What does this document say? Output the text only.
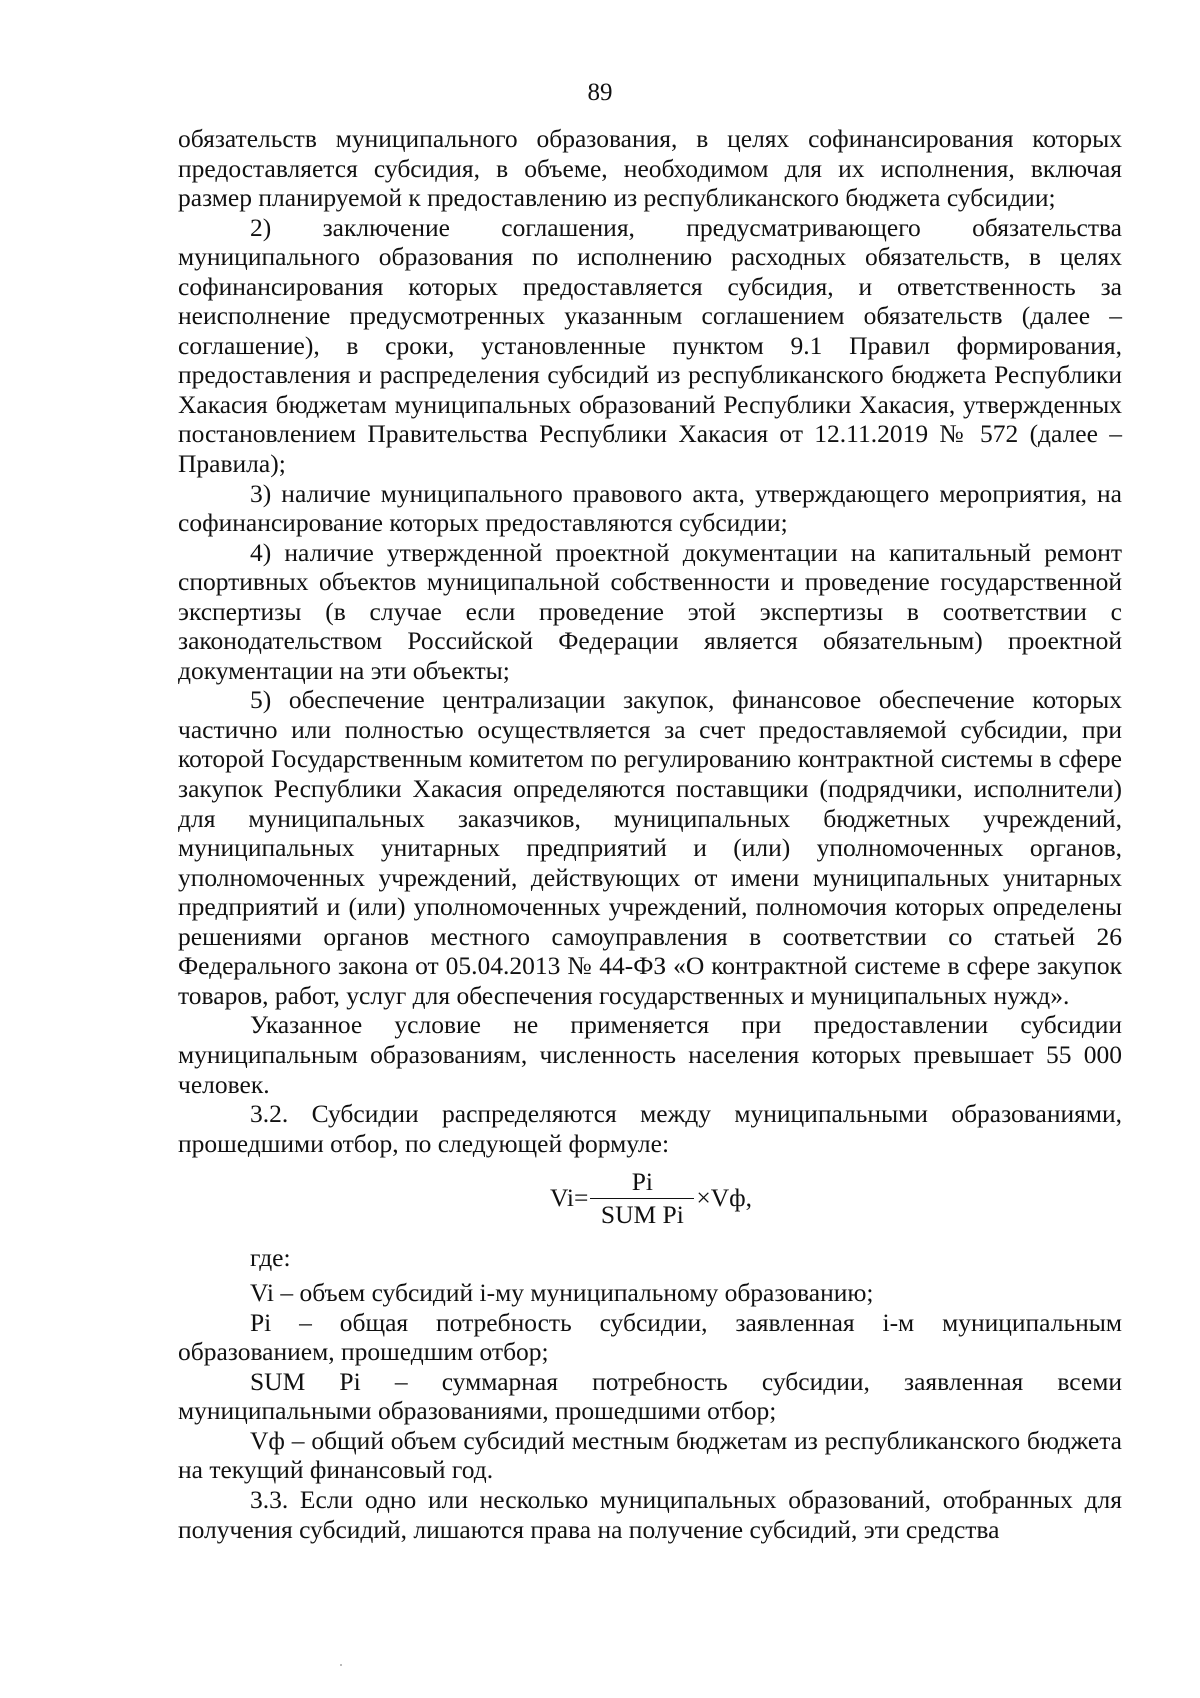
89

обязательств муниципального образования, в целях софинансирования которых предоставляется субсидия, в объеме, необходимом для их исполнения, включая размер планируемой к предоставлению из республиканского бюджета субсидии;

2) заключение соглашения, предусматривающего обязательства муниципального образования по исполнению расходных обязательств, в целях софинансирования которых предоставляется субсидия, и ответственность за неисполнение предусмотренных указанным соглашением обязательств (далее – соглашение), в сроки, установленные пунктом 9.1 Правил формирования, предоставления и распределения субсидий из республиканского бюджета Республики Хакасия бюджетам муниципальных образований Республики Хакасия, утвержденных постановлением Правительства Республики Хакасия от 12.11.2019 № 572 (далее – Правила);

3) наличие муниципального правового акта, утверждающего мероприятия, на софинансирование которых предоставляются субсидии;

4) наличие утвержденной проектной документации на капитальный ремонт спортивных объектов муниципальной собственности и проведение государственной экспертизы (в случае если проведение этой экспертизы в соответствии с законодательством Российской Федерации является обязательным) проектной документации на эти объекты;

5) обеспечение централизации закупок, финансовое обеспечение которых частично или полностью осуществляется за счет предоставляемой субсидии, при которой Государственным комитетом по регулированию контрактной системы в сфере закупок Республики Хакасия определяются поставщики (подрядчики, исполнители) для муниципальных заказчиков, муниципальных бюджетных учреждений, муниципальных унитарных предприятий и (или) уполномоченных органов, уполномоченных учреждений, действующих от имени муниципальных унитарных предприятий и (или) уполномоченных учреждений, полномочия которых определены решениями органов местного самоуправления в соответствии со статьей 26 Федерального закона от 05.04.2013 № 44-ФЗ «О контрактной системе в сфере закупок товаров, работ, услуг для обеспечения государственных и муниципальных нужд».

Указанное условие не применяется при предоставлении субсидии муниципальным образованиям, численность населения которых превышает 55 000 человек.

3.2. Субсидии распределяются между муниципальными образованиями, прошедшими отбор, по следующей формуле:

$Vi= \frac{Pi}{\text{SUM Pi}} \times Vф$,

где:

Vi – объем субсидий i-му муниципальному образованию;

Pi – общая потребность субсидии, заявленная i-м муниципальным образованием, прошедшим отбор;

SUM Pi – суммарная потребность субсидии, заявленная всеми муниципальными образованиями, прошедшими отбор;

Vф – общий объем субсидий местным бюджетам из республиканского бюджета на текущий финансовый год.

3.3. Если одно или несколько муниципальных образований, отобранных для получения субсидий, лишаются права на получение субсидий, эти средства
